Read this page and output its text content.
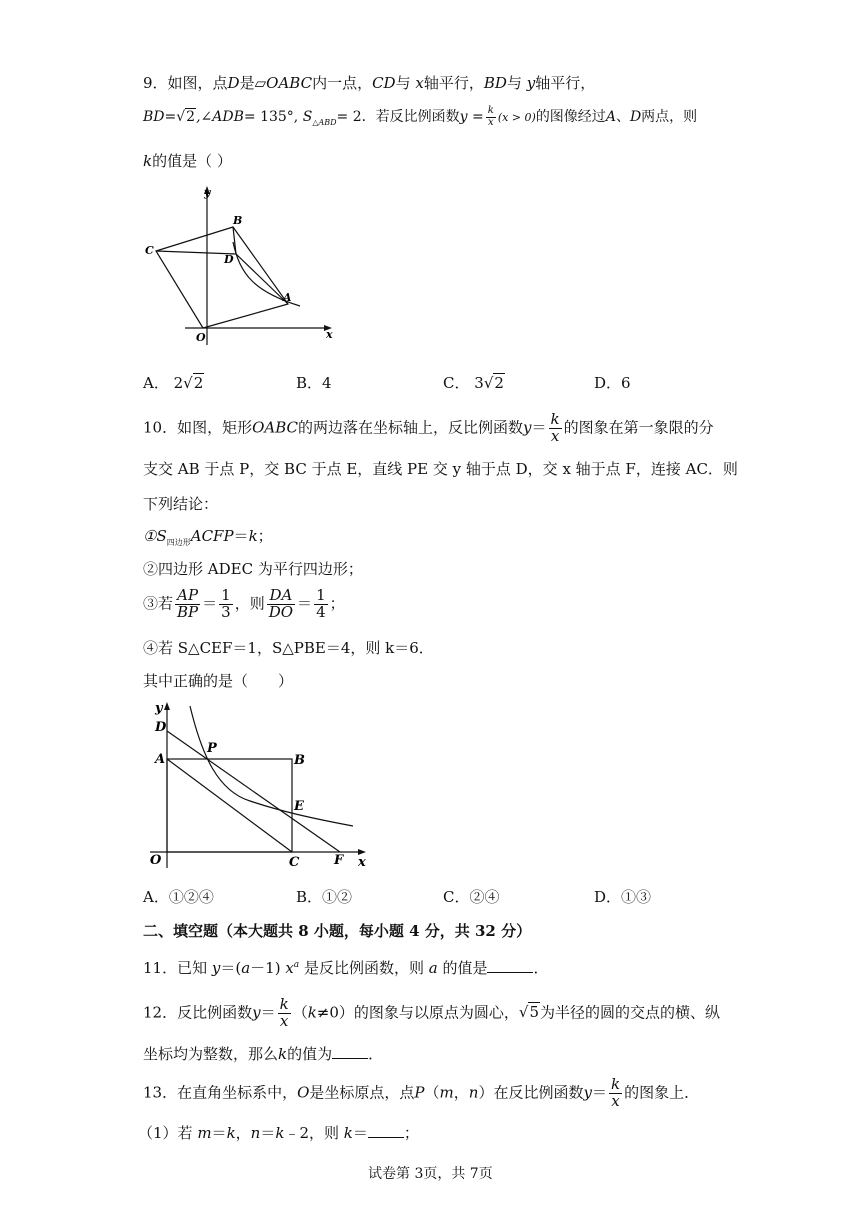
9．如图，点D是▱OABC内一点，CD与 x轴平行，BD与 y轴平行，
BD=√2,∠ADB= 135°, $S_{\triangle ABD}= 2$．若反比例函数$y = \frac{k}{x} (x > 0)$的图像经过A、D两点，则
k的值是（ ）
y
x
O
A
B
C
D
A． 2√2	B．4	C． 3√2	D．6
10．如图，矩形OABC的两边落在坐标轴上，反比例函数$y= \frac{k}{x}$ 的图象在第一象限的分
支交 AB 于点 P，交 BC 于点 E，直线 PE 交 y 轴于点 D，交 x 轴于点 F，连接 AC．则
下列结论：
$①S_{四边形}ACFP=k$；
②四边形 ADEC 为平行四边形；
③若 $\frac{AP}{BP} = \frac{1}{3}$ ，则 $\frac{DA}{DO} = \frac{1}{4}$ ；
④若 S△CEF＝1，S△PBE＝4，则 k＝6．
其中正确的是（　　）
y
x
O
D
A
P
B
E
C	F
A．①②④	B．①②	C．②④	D．①③
二、填空题（本大题共 8 小题，每小题 4 分，共 32 分）
11．已知 y＝(a－1) $x^a$ 是反比例函数，则 a 的值是	．
12．反比例函数$y= \frac{k}{x} (k\ne 0)$的图象与以原点为圆心，√5为半径的圆的交点的横、纵
坐标均为整数，那么k的值为 ．
13．在直角坐标系中，O是坐标原点，点P（m，n）在反比例函数$y= \frac{k}{x}$ 的图象上．
（1）若 m＝k，n＝k﹣2，则 k＝ ；
试卷第 3页，共 7页
